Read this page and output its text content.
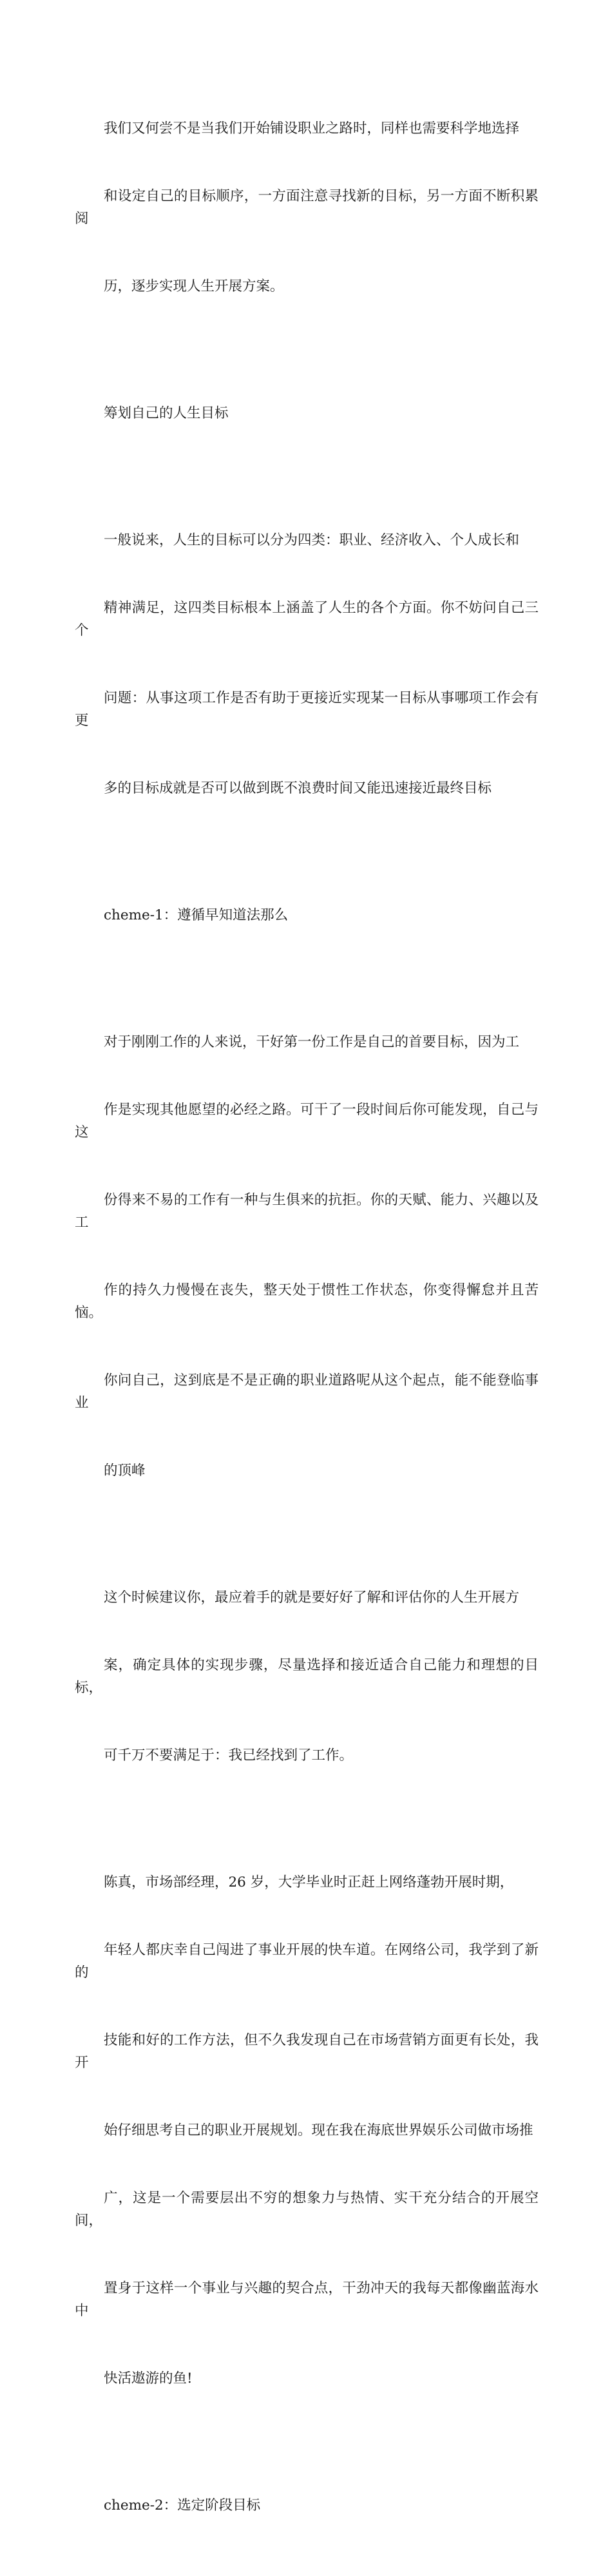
我们又何尝不是当我们开始铺设职业之路时，同样也需要科学地选择

和设定自己的目标顺序，一方面注意寻找新的目标，另一方面不断积累阅

历，逐步实现人生开展方案。

筹划自己的人生目标

一般说来，人生的目标可以分为四类：职业、经济收入、个人成长和

精神满足，这四类目标根本上涵盖了人生的各个方面。你不妨问自己三个

问题：从事这项工作是否有助于更接近实现某一目标从事哪项工作会有更

多的目标成就是否可以做到既不浪费时间又能迅速接近最终目标

cheme-1：遵循早知道法那么

对于刚刚工作的人来说，干好第一份工作是自己的首要目标，因为工

作是实现其他愿望的必经之路。可干了一段时间后你可能发现，自己与这

份得来不易的工作有一种与生俱来的抗拒。你的天赋、能力、兴趣以及工

作的持久力慢慢在丧失，整天处于惯性工作状态，你变得懈怠并且苦恼。

你问自己，这到底是不是正确的职业道路呢从这个起点，能不能登临事业

的顶峰

这个时候建议你，最应着手的就是要好好了解和评估你的人生开展方

案，确定具体的实现步骤，尽量选择和接近适合自己能力和理想的目标，

可千万不要满足于：我已经找到了工作。

陈真，市场部经理，26 岁，大学毕业时正赶上网络蓬勃开展时期，

年轻人都庆幸自己闯进了事业开展的快车道。在网络公司，我学到了新的

技能和好的工作方法，但不久我发现自己在市场营销方面更有长处，我开

始仔细思考自己的职业开展规划。现在我在海底世界娱乐公司做市场推

广，这是一个需要层出不穷的想象力与热情、实干充分结合的开展空间，

置身于这样一个事业与兴趣的契合点，干劲冲天的我每天都像幽蓝海水中

快活遨游的鱼!

cheme-2：选定阶段目标
